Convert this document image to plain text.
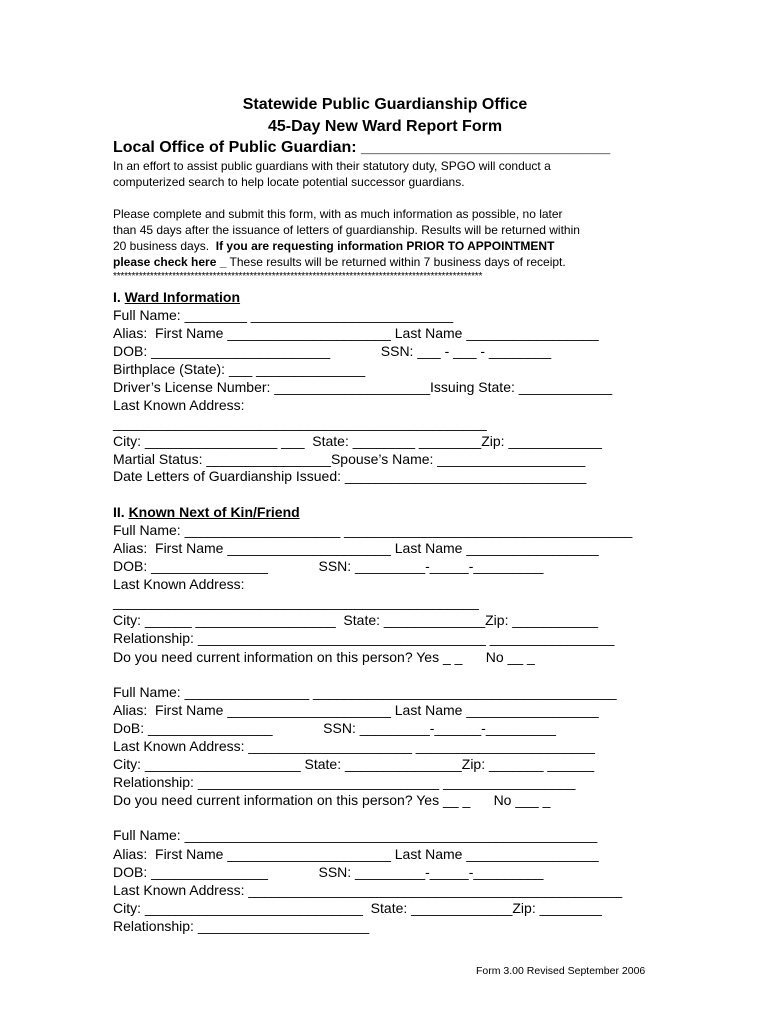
Statewide Public Guardianship Office
45-Day New Ward Report Form
Local Office of Public Guardian: ____________________________
In an effort to assist public guardians with their statutory duty, SPGO will conduct a
computerized search to help locate potential successor guardians.
Please complete and submit this form, with as much information as possible, no later
than 45 days after the issuance of letters of guardianship. Results will be returned within
20 business days.  If you are requesting information PRIOR TO APPOINTMENT
please check here _ These results will be returned within 7 business days of receipt.
****************************************************************************************************
I. Ward Information
Full Name: ________ __________________________
Alias:  First Name _____________________ Last Name _________________
DOB: _______________________             SSN: ___ - ___ - ________
Birthplace (State): ___ ______________
Driver’s License Number: ____________________Issuing State: ____________
Last Known Address:
________________________________________________
City: _________________ ___  State: ________ ________Zip: ____________
Martial Status: ________________Spouse’s Name: ___________________
Date Letters of Guardianship Issued: _______________________________
II. Known Next of Kin/Friend
Full Name: ____________________ _____________________________________
Alias:  First Name _____________________ Last Name _________________
DOB: _______________             SSN: _________-_____-_________
Last Known Address:
_______________________________________________
City: ______ __________________  State: _____________Zip: ___________
Relationship: _____________________________________ ________________
Do you need current information on this person? Yes _ _      No __ _
Full Name: ________________ _______________________________________
Alias:  First Name _____________________ Last Name _________________
DoB: ________________             SSN: _________-______-_________
Last Known Address: _____________________ _______________________
City: ____________________ State: _______________Zip: _______ ______
Relationship: _______________________________ _________________
Do you need current information on this person? Yes __ _      No ___ _
Full Name: _____________________________________________________
Alias:  First Name _____________________ Last Name _________________
DOB: _______________             SSN: _________-_____-_________
Last Known Address: ________________________________________________
City: ____________________________  State: _____________Zip: ________
Relationship: ______________________
Form 3.00 Revised September 2006
